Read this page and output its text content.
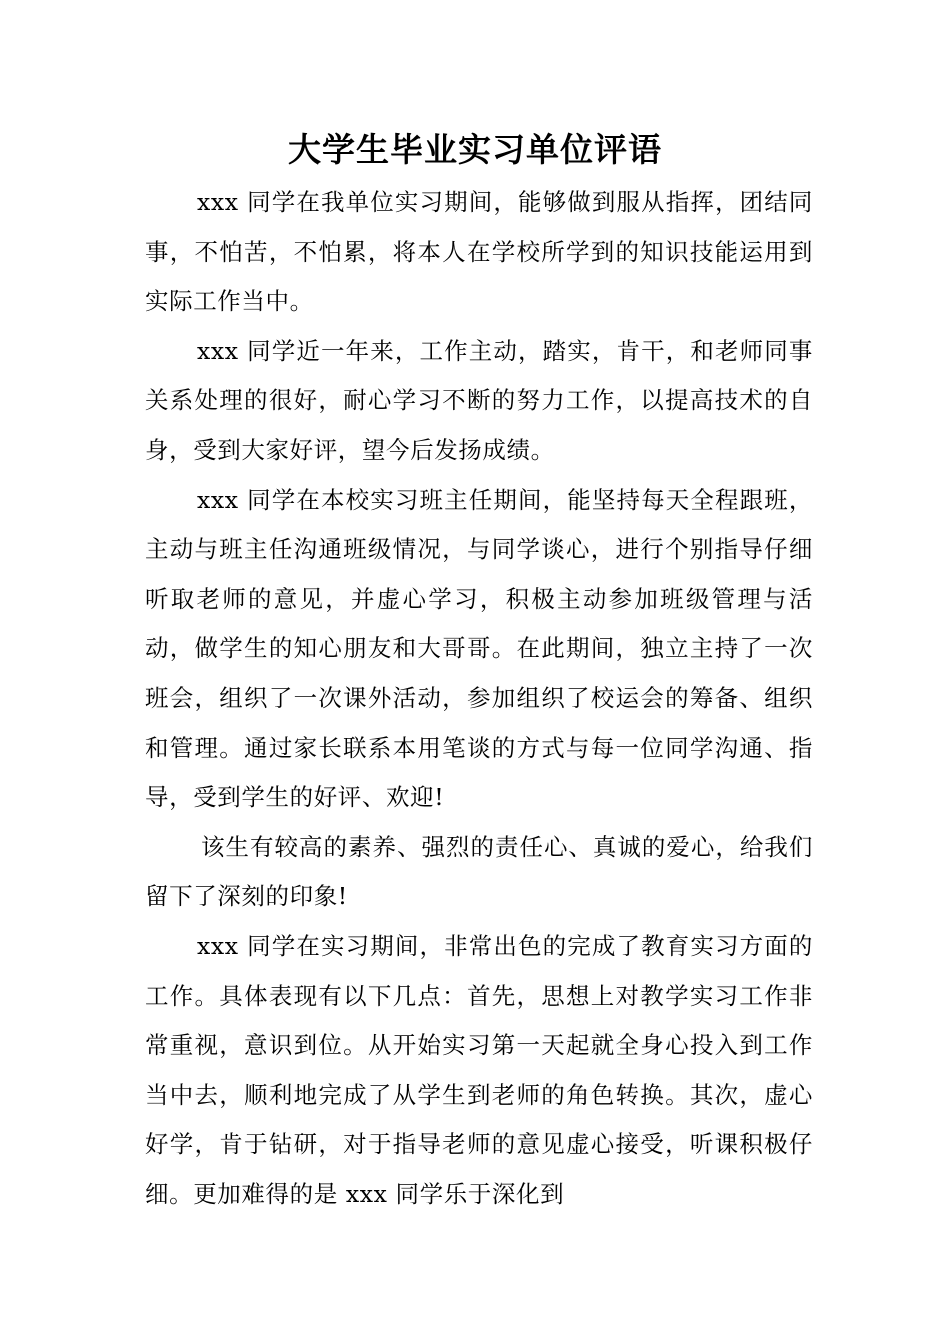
大学生毕业实习单位评语

xxx 同学在我单位实习期间，能够做到服从指挥，团结同事，不怕苦，不怕累，将本人在学校所学到的知识技能运用到实际工作当中。

xxx 同学近一年来，工作主动，踏实，肯干，和老师同事关系处理的很好，耐心学习不断的努力工作，以提高技术的自身，受到大家好评，望今后发扬成绩。

xxx 同学在本校实习班主任期间，能坚持每天全程跟班，主动与班主任沟通班级情况，与同学谈心，进行个别指导仔细听取老师的意见，并虚心学习，积极主动参加班级管理与活动，做学生的知心朋友和大哥哥。在此期间，独立主持了一次班会，组织了一次课外活动，参加组织了校运会的筹备、组织和管理。通过家长联系本用笔谈的方式与每一位同学沟通、指导，受到学生的好评、欢迎!

该生有较高的素养、强烈的责任心、真诚的爱心，给我们留下了深刻的印象!

xxx 同学在实习期间，非常出色的完成了教育实习方面的工作。具体表现有以下几点：首先，思想上对教学实习工作非常重视，意识到位。从开始实习第一天起就全身心投入到工作当中去，顺利地完成了从学生到老师的角色转换。其次，虚心好学，肯于钻研，对于指导老师的意见虚心接受，听课积极仔细。更加难得的是 xxx 同学乐于深化到
